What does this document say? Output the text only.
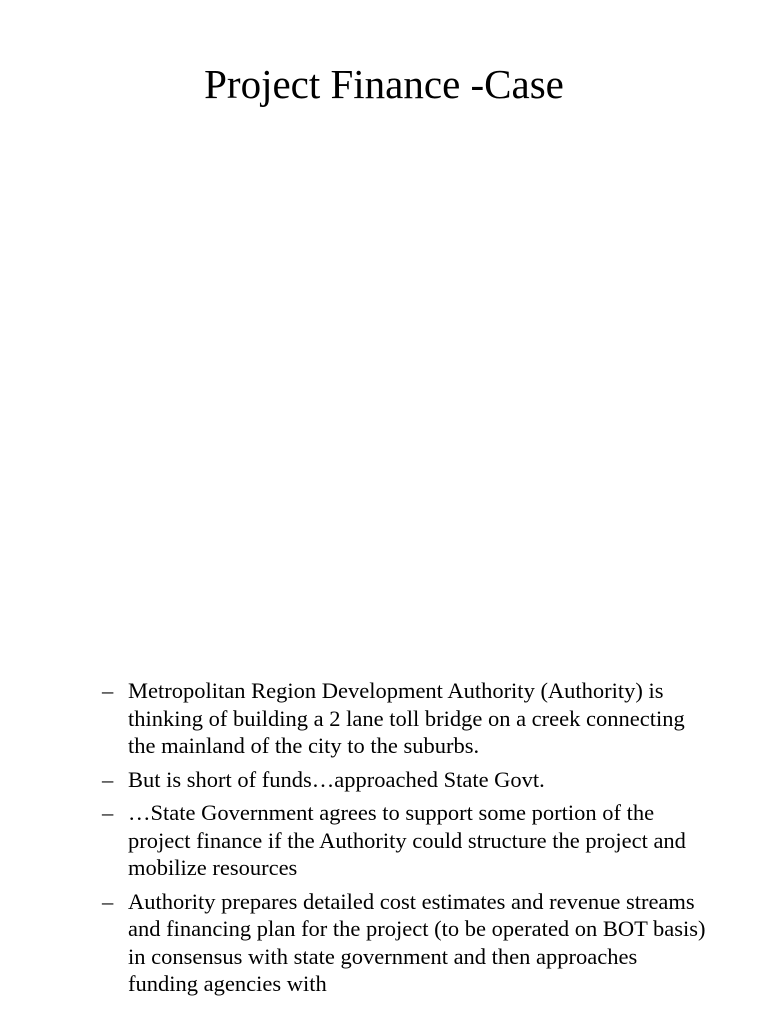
Project Finance -Case
– Metropolitan Region Development Authority (Authority) is thinking of building a 2 lane toll bridge on a creek connecting the mainland of the city to the suburbs.
– But is short of funds…approached State Govt.
– …State Government agrees to support some portion of the project finance if the Authority could structure the project and mobilize resources
– Authority prepares detailed cost estimates and revenue streams and financing plan for the project (to be operated on BOT basis) in consensus with state government and then approaches funding agencies with
